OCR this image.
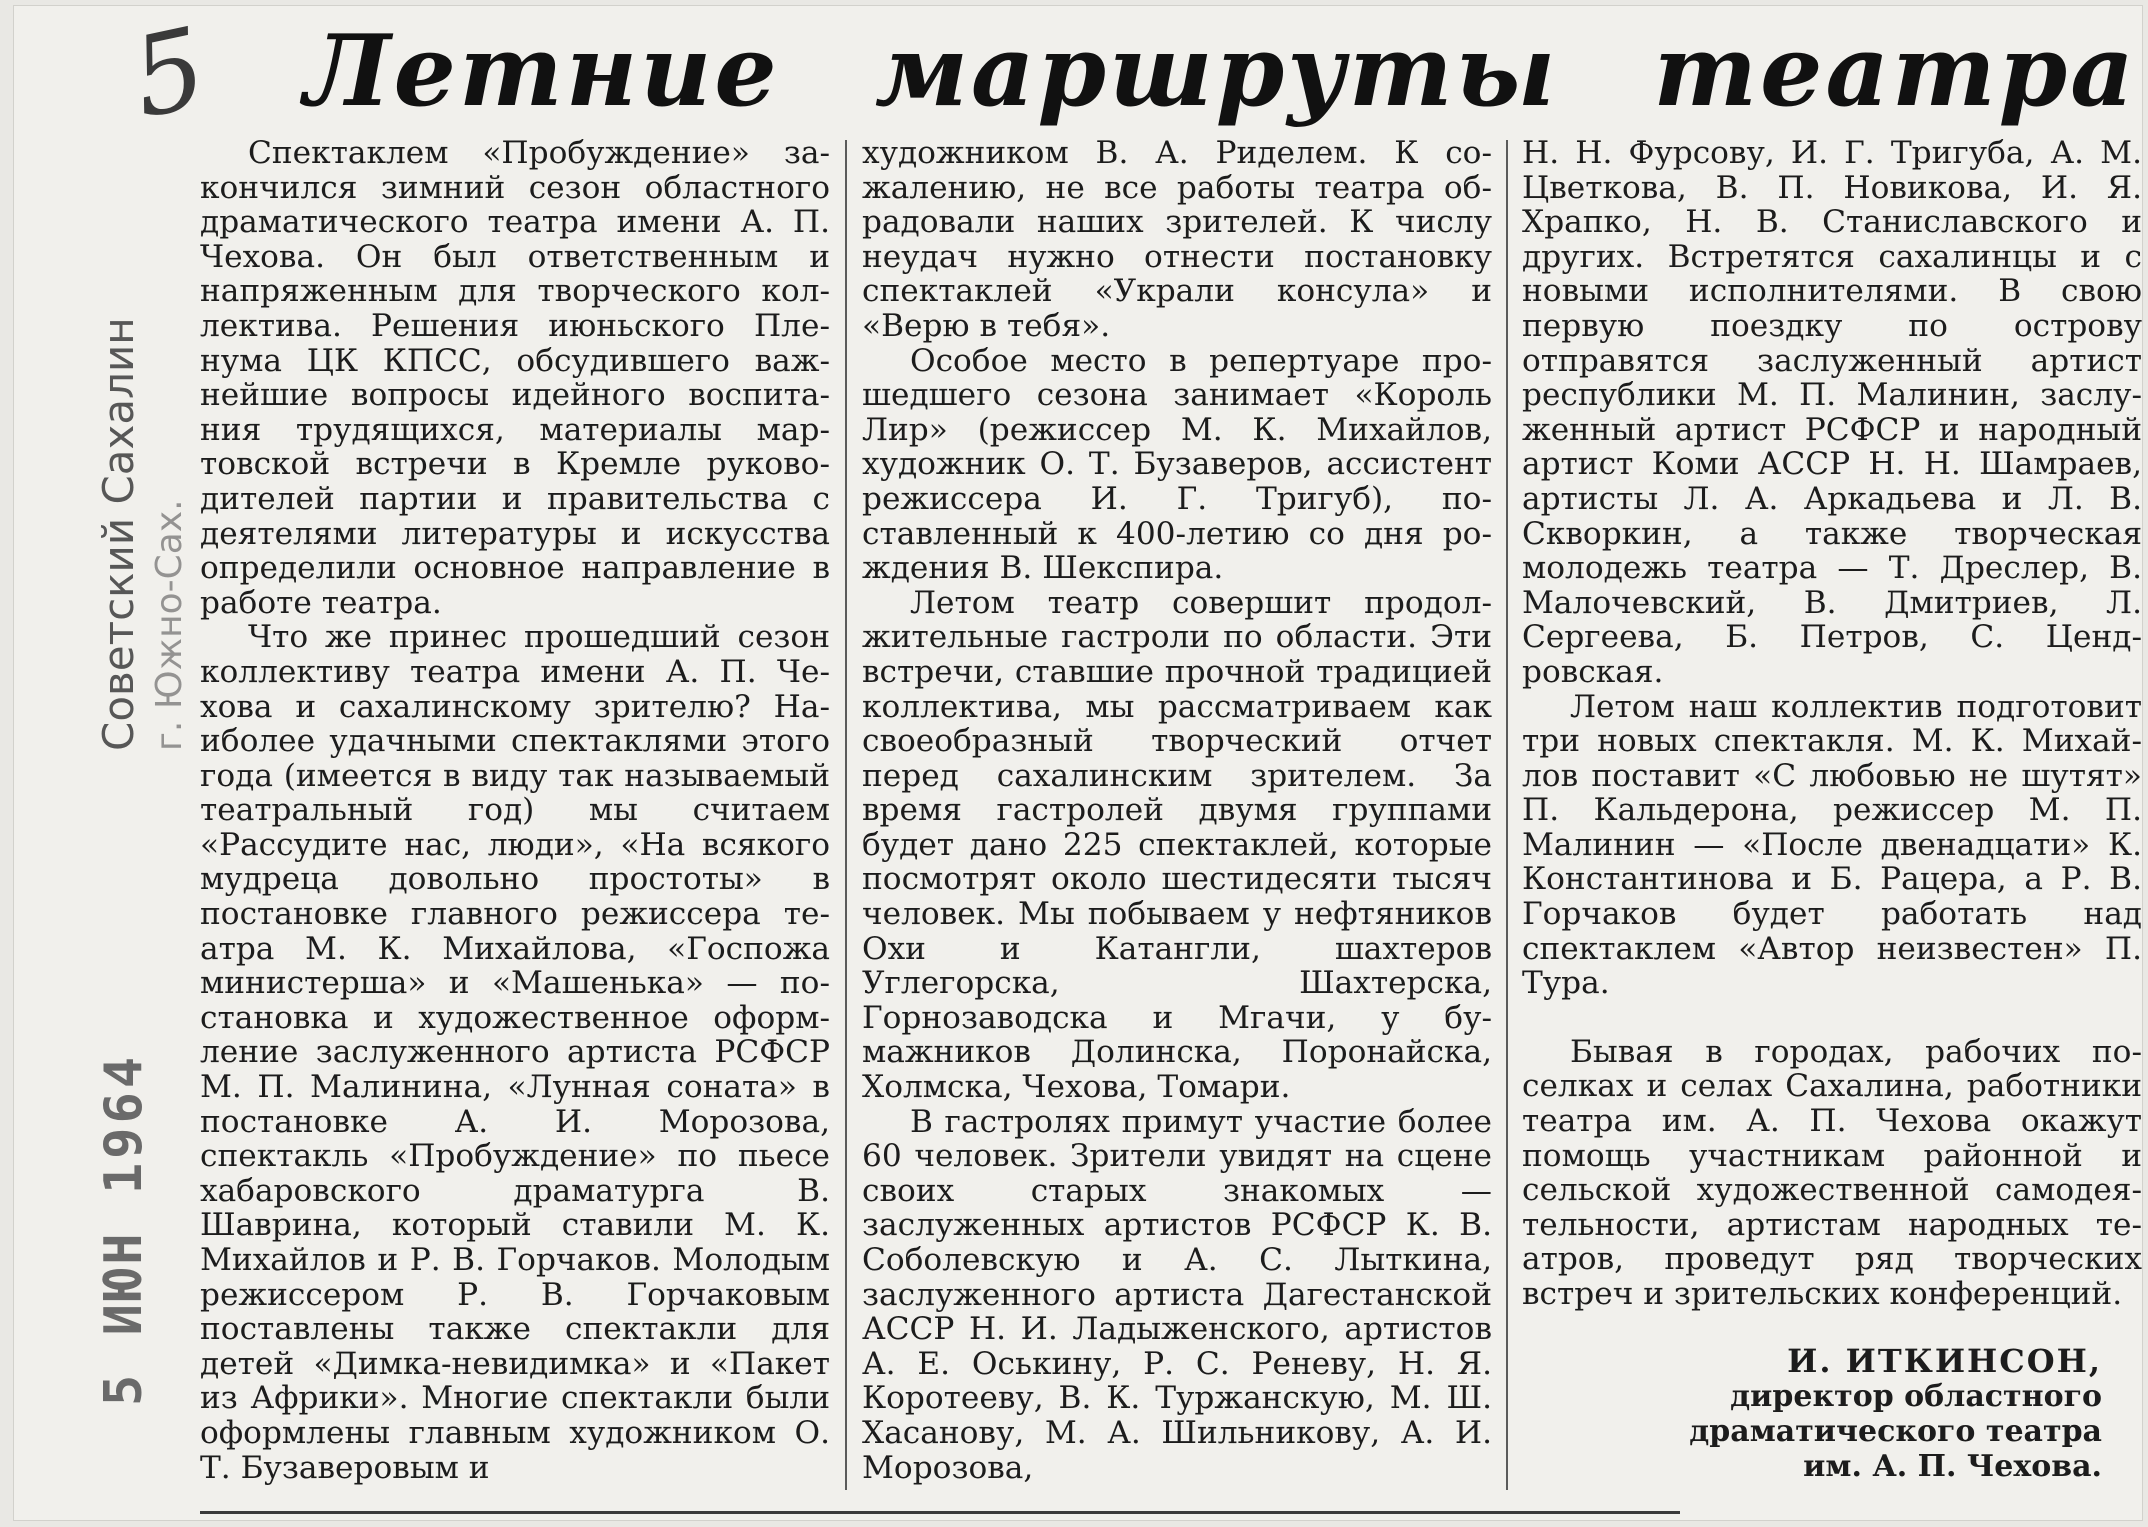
5 Летние маршруты театра
Советский Сахалин г. Южно-Сах.
5 ИЮН 1964

Спектаклем «Пробуждение» закончился зимний сезон областного драматического театра имени А. П. Чехова. Он был ответственным и напряженным для творческого коллектива. Решения июньского Пленума ЦК КПСС, обсудившего важнейшие вопросы идейного воспитания трудящихся, материалы мартовской встречи в Кремле руководителей партии и правительства с деятелями литературы и искусства определили основное направление в работе театра.

Что же принес прошедший сезон коллективу театра имени А. П. Чехова и сахалинскому зрителю? Наиболее удачными спектаклями этого года (имеется в виду так называемый театральный год) мы считаем «Рассудите нас, люди», «На всякого мудреца довольно простоты» в постановке главного режиссера театра М. К. Михайлова, «Госпожа министерша» и «Машенька» — постановка и художественное оформление заслуженного артиста РСФСР М. П. Малинина, «Лунная соната» в постановке А. И. Морозова, спектакль «Пробуждение» по пьесе хабаровского драматурга В. Шаврина, который ставили М. К. Михайлов и Р. В. Горчаков. Молодым режиссером Р. В. Горчаковым поставлены также спектакли для детей «Димка-невидимка» и «Пакет из Африки». Многие спектакли были оформлены главным художником О. Т. Бузаверовым и

художником В. А. Риделем. К сожалению, не все работы театра обрадовали наших зрителей. К числу неудач нужно отнести постановку спектаклей «Украли консула» и «Верю в тебя».

Особое место в репертуаре прошедшего сезона занимает «Король Лир» (режиссер М. К. Михайлов, художник О. Т. Бузаверов, ассистент режиссера И. Г. Тригуб), поставленный к 400-летию со дня рождения В. Шекспира.

Летом театр совершит продолжительные гастроли по области. Эти встречи, ставшие прочной традицией коллектива, мы рассматриваем как своеобразный творческий отчет перед сахалинским зрителем. За время гастролей двумя группами будет дано 225 спектаклей, которые посмотрят около шестидесяти тысяч человек. Мы побываем у нефтяников Охи и Катангли, шахтеров Углегорска, Шахтерска, Горнозаводска и Мгачи, у бумажников Долинска, Поронайска, Холмска, Чехова, Томари.

В гастролях примут участие более 60 человек. Зрители увидят на сцене своих старых знакомых — заслуженных артистов РСФСР К. В. Соболевскую и А. С. Лыткина, заслуженного артиста Дагестанской АССР Н. И. Ладыженского, артистов А. Е. Оськину, Р. С. Реневу, Н. Я. Коротееву, В. К. Туржанскую, М. Ш. Хасанову, М. А. Шильникову, А. И. Морозова,

Н. Н. Фурсову, И. Г. Тригуба, А. М. Цветкова, В. П. Новикова, И. Я. Храпко, Н. В. Станиславского и других. Встретятся сахалинцы и с новыми исполнителями. В свою первую поездку по острову отправятся заслуженный артист республики М. П. Малинин, заслуженный артист РСФСР и народный артист Коми АССР Н. Н. Шамраев, артисты Л. А. Аркадьева и Л. В. Скворкин, а также творческая молодежь театра — Т. Дреслер, В. Малочевский, В. Дмитриев, Л. Сергеева, Б. Петров, С. Цендровская.

Летом наш коллектив подготовит три новых спектакля. М. К. Михайлов поставит «С любовью не шутят» П. Кальдерона, режиссер М. П. Малинин — «После двенадцати» К. Константинова и Б. Рацера, а Р. В. Горчаков будет работать над спектаклем «Автор неизвестен» П. Тура.

Бывая в городах, рабочих поселках и селах Сахалина, работники театра им. А. П. Чехова окажут помощь участникам районной и сельской художественной самодеятельности, артистам народных театров, проведут ряд творческих встреч и зрительских конференций.

И. ИТКИНСОН,
директор областного
драматического театра
им. А. П. Чехова.
